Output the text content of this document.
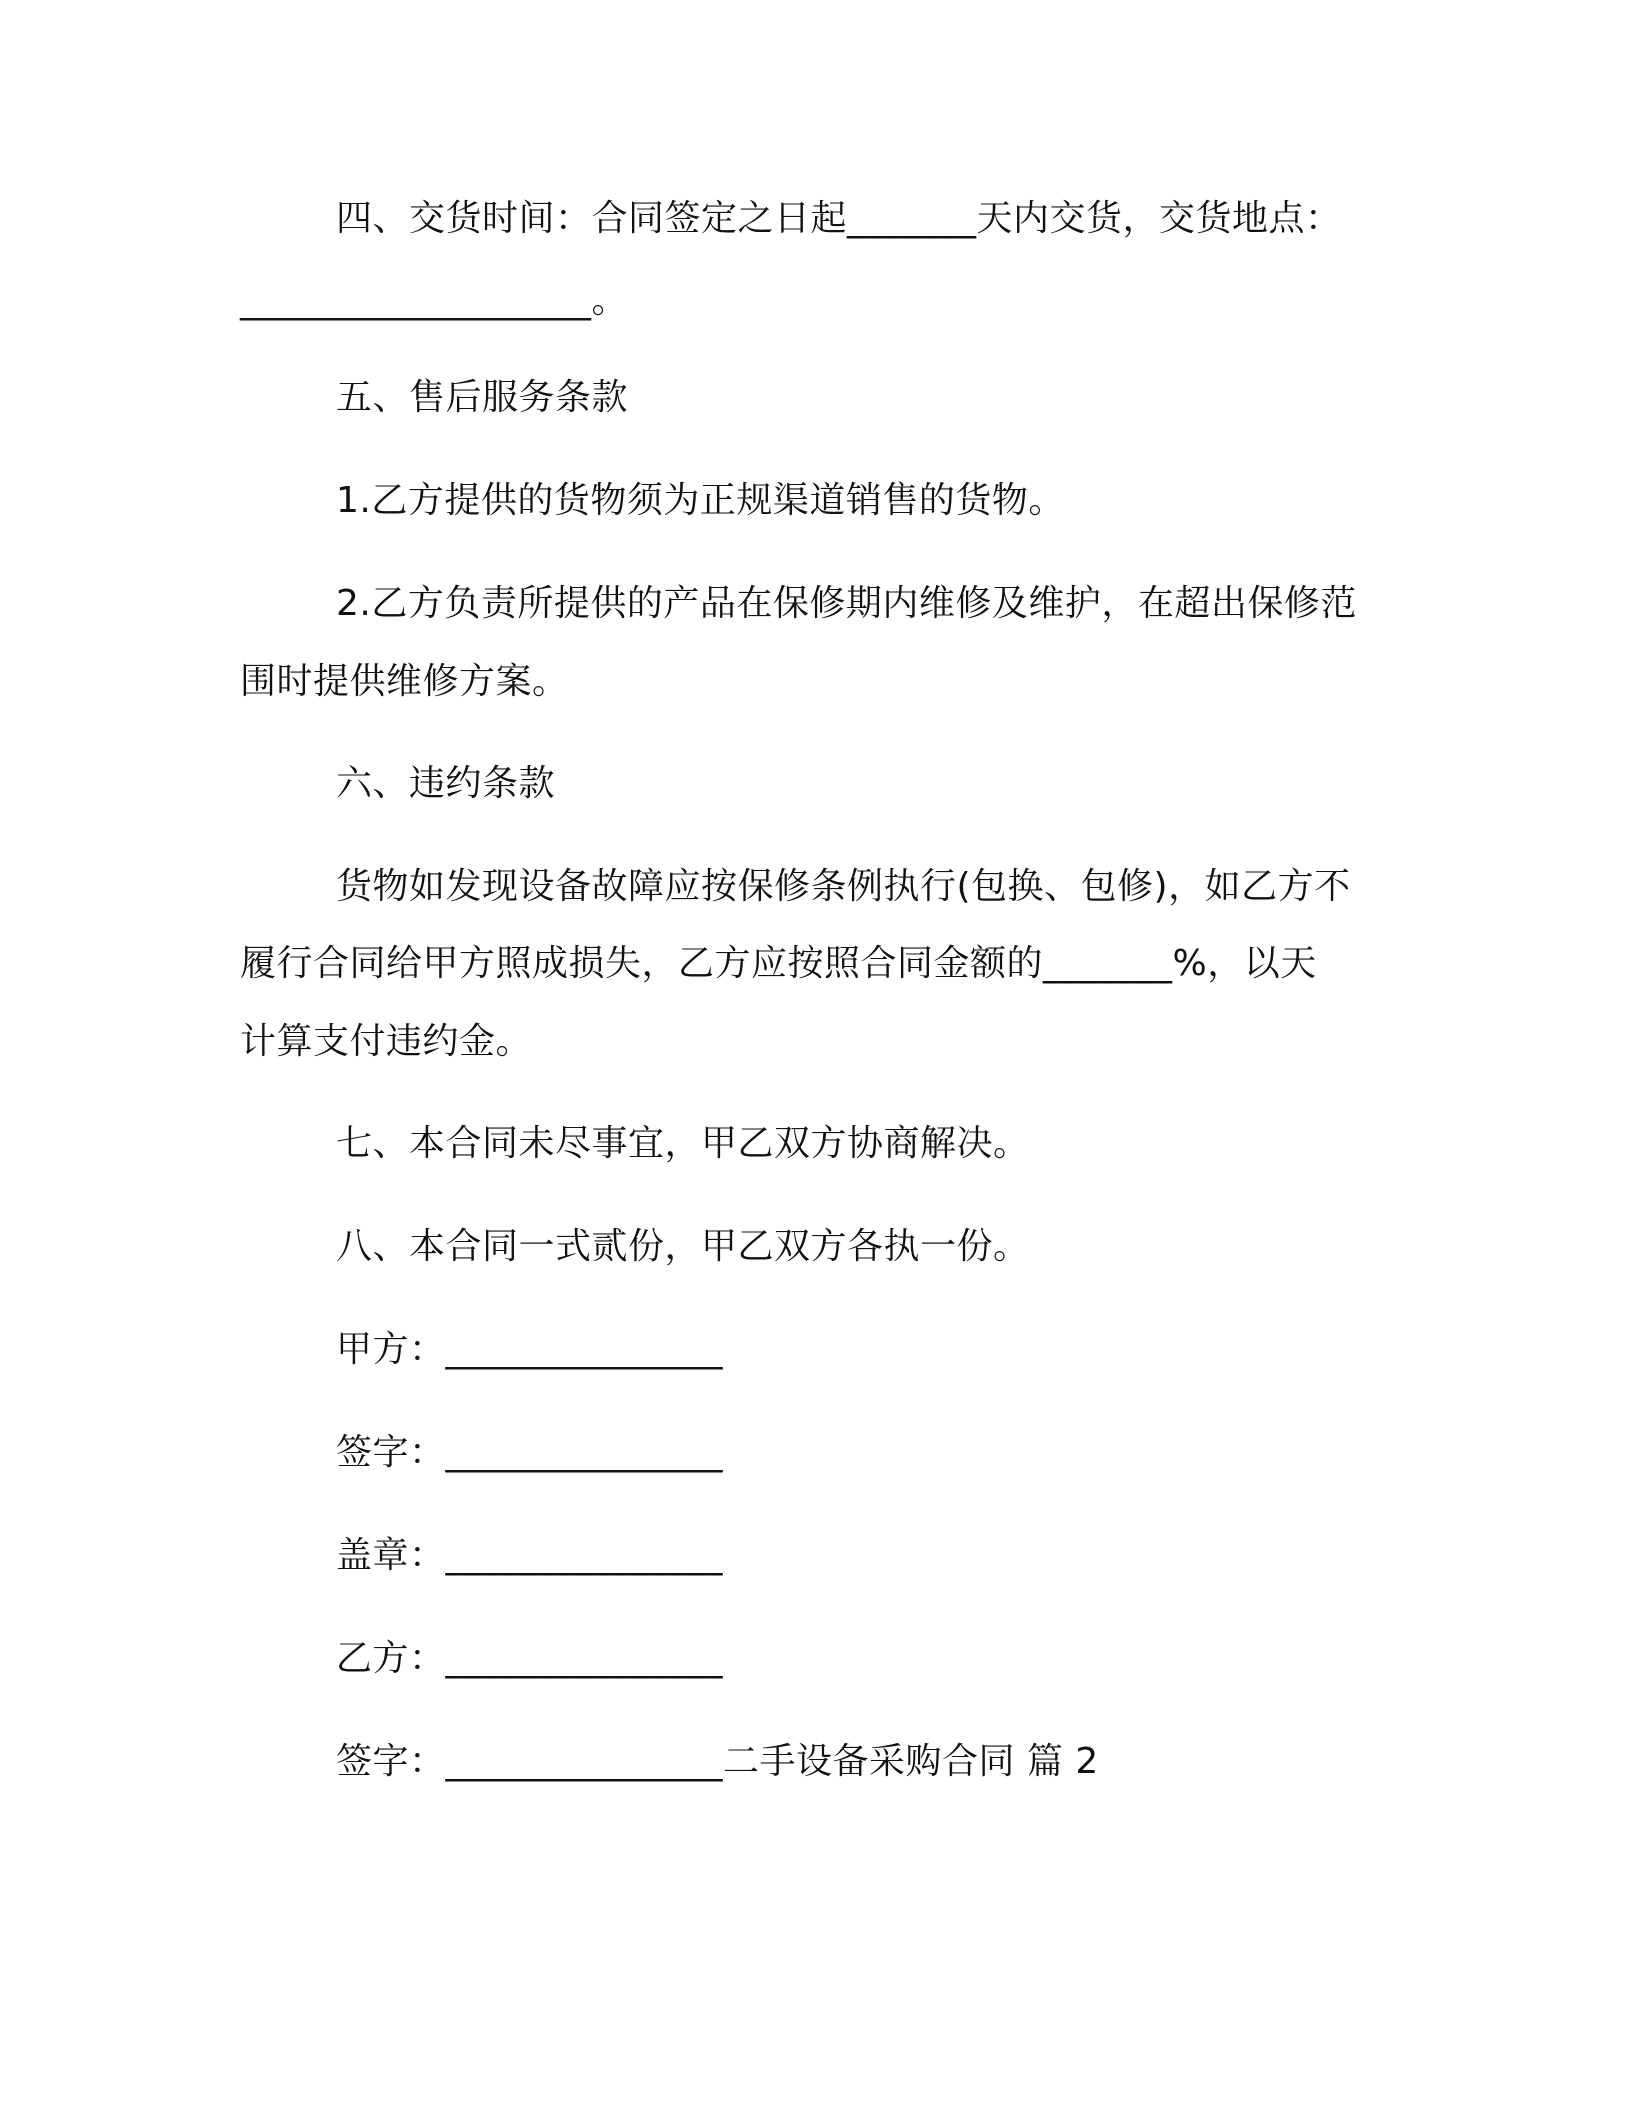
四、交货时间：合同签定之日起_______天内交货，交货地点：
___________________。
五、售后服务条款
1.乙方提供的货物须为正规渠道销售的货物。
2.乙方负责所提供的产品在保修期内维修及维护，在超出保修范
围时提供维修方案。
六、违约条款
货物如发现设备故障应按保修条例执行(包换、包修)，如乙方不
履行合同给甲方照成损失，乙方应按照合同金额的_______%，以天
计算支付违约金。
七、本合同未尽事宜，甲乙双方协商解决。
八、本合同一式贰份，甲乙双方各执一份。
甲方：_______________
签字：_______________
盖章：_______________
乙方：_______________
签字：_______________二手设备采购合同 篇 2
